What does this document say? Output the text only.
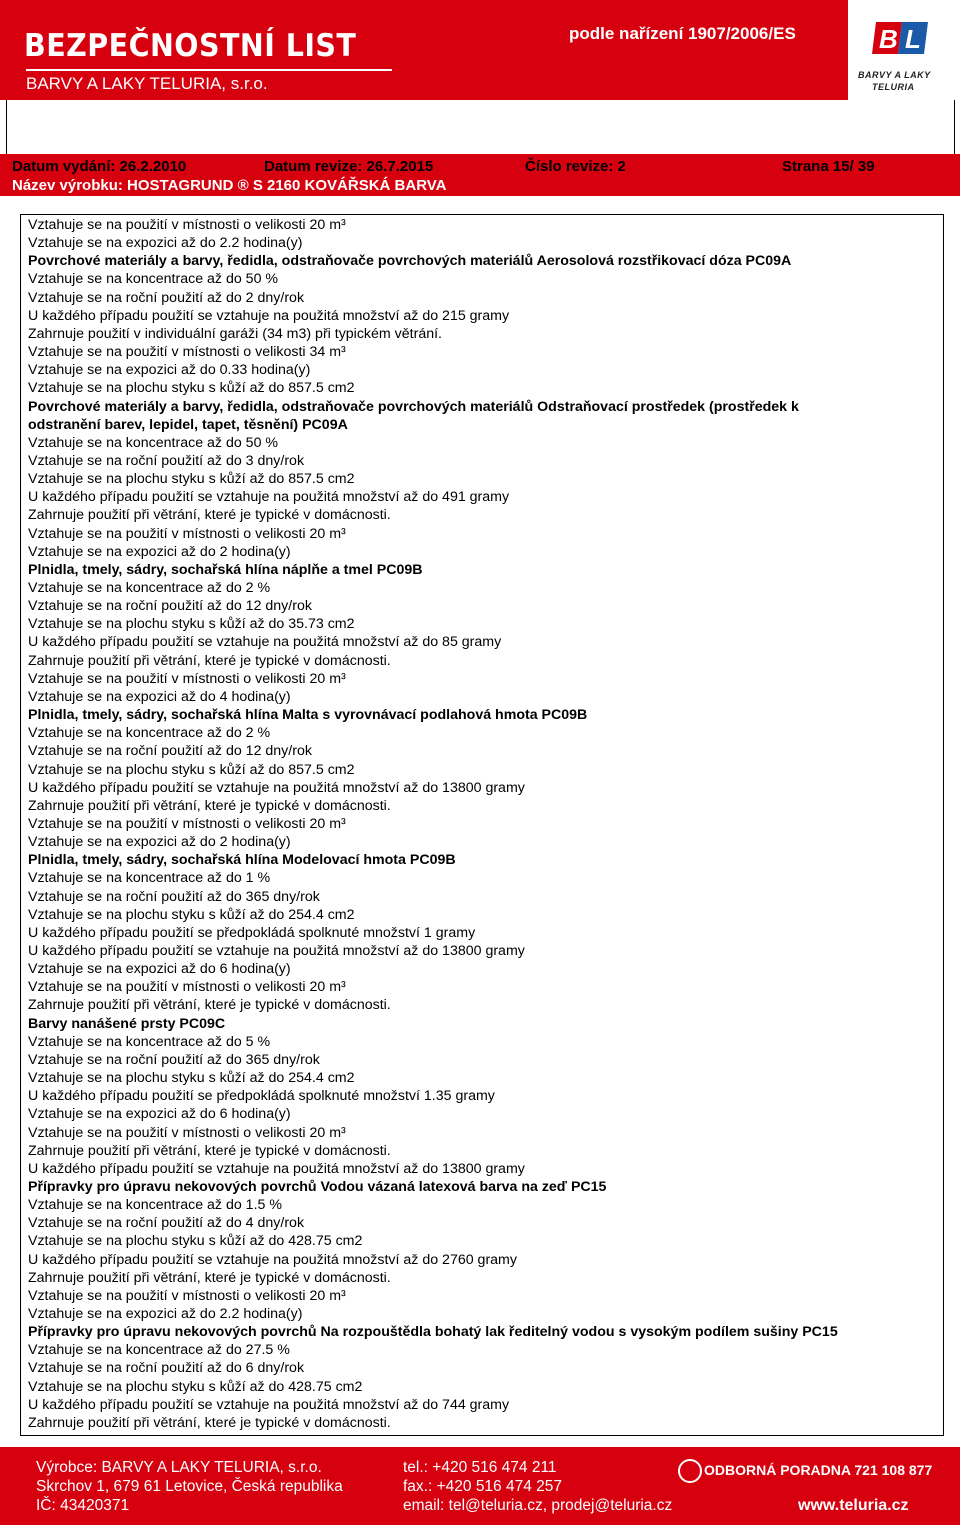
BEZPEČNOSTNÍ LIST
BARVY A LAKY TELURIA, s.r.o.
podle nařízení 1907/2006/ES	B L
BARVY A LAKY
TELURIA
Datum vydání: 26.2.2010	Datum revize: 26.7.2015	Číslo revize: 2	Strana 15/ 39
Název výrobku: HOSTAGRUND ® S 2160 KOVÁŘSKÁ BARVA
Vztahuje se na použití v místnosti o velikosti 20 m³
Vztahuje se na expozici až do 2.2 hodina(y)
Povrchové materiály a barvy, ředidla, odstraňovače povrchových materiálů Aerosolová rozstřikovací dóza PC09A
Vztahuje se na koncentrace až do 50 %
Vztahuje se na roční použití až do 2 dny/rok
U každého případu použití se vztahuje na použitá množství až do 215 gramy
Zahrnuje použití v individuální garáži (34 m3) při typickém větrání.
Vztahuje se na použití v místnosti o velikosti 34 m³
Vztahuje se na expozici až do 0.33 hodina(y)
Vztahuje se na plochu styku s kůží až do 857.5 cm2
Povrchové materiály a barvy, ředidla, odstraňovače povrchových materiálů Odstraňovací prostředek (prostředek k
odstranění barev, lepidel, tapet, těsnění) PC09A
Vztahuje se na koncentrace až do 50 %
Vztahuje se na roční použití až do 3 dny/rok
Vztahuje se na plochu styku s kůží až do 857.5 cm2
U každého případu použití se vztahuje na použitá množství až do 491 gramy
Zahrnuje použití při větrání, které je typické v domácnosti.
Vztahuje se na použití v místnosti o velikosti 20 m³
Vztahuje se na expozici až do 2 hodina(y)
Plnidla, tmely, sádry, sochařská hlína náplňe a tmel PC09B
Vztahuje se na koncentrace až do 2 %
Vztahuje se na roční použití až do 12 dny/rok
Vztahuje se na plochu styku s kůží až do 35.73 cm2
U každého případu použití se vztahuje na použitá množství až do 85 gramy
Zahrnuje použití při větrání, které je typické v domácnosti.
Vztahuje se na použití v místnosti o velikosti 20 m³
Vztahuje se na expozici až do 4 hodina(y)
Plnidla, tmely, sádry, sochařská hlína Malta s vyrovnávací podlahová hmota PC09B
Vztahuje se na koncentrace až do 2 %
Vztahuje se na roční použití až do 12 dny/rok
Vztahuje se na plochu styku s kůží až do 857.5 cm2
U každého případu použití se vztahuje na použitá množství až do 13800 gramy
Zahrnuje použití při větrání, které je typické v domácnosti.
Vztahuje se na použití v místnosti o velikosti 20 m³
Vztahuje se na expozici až do 2 hodina(y)
Plnidla, tmely, sádry, sochařská hlína Modelovací hmota PC09B
Vztahuje se na koncentrace až do 1 %
Vztahuje se na roční použití až do 365 dny/rok
Vztahuje se na plochu styku s kůží až do 254.4 cm2
U každého případu použití se předpokládá spolknuté množství 1 gramy
U každého případu použití se vztahuje na použitá množství až do 13800 gramy
Vztahuje se na expozici až do 6 hodina(y)
Vztahuje se na použití v místnosti o velikosti 20 m³
Zahrnuje použití při větrání, které je typické v domácnosti.
Barvy nanášené prsty PC09C
Vztahuje se na koncentrace až do 5 %
Vztahuje se na roční použití až do 365 dny/rok
Vztahuje se na plochu styku s kůží až do 254.4 cm2
U každého případu použití se předpokládá spolknuté množství 1.35 gramy
Vztahuje se na expozici až do 6 hodina(y)
Vztahuje se na použití v místnosti o velikosti 20 m³
Zahrnuje použití při větrání, které je typické v domácnosti.
U každého případu použití se vztahuje na použitá množství až do 13800 gramy
Přípravky pro úpravu nekovových povrchů Vodou vázaná latexová barva na zeď PC15
Vztahuje se na koncentrace až do 1.5 %
Vztahuje se na roční použití až do 4 dny/rok
Vztahuje se na plochu styku s kůží až do 428.75 cm2
U každého případu použití se vztahuje na použitá množství až do 2760 gramy
Zahrnuje použití při větrání, které je typické v domácnosti.
Vztahuje se na použití v místnosti o velikosti 20 m³
Vztahuje se na expozici až do 2.2 hodina(y)
Přípravky pro úpravu nekovových povrchů Na rozpouštědla bohatý lak ředitelný vodou s vysokým podílem sušiny PC15
Vztahuje se na koncentrace až do 27.5 %
Vztahuje se na roční použití až do 6 dny/rok
Vztahuje se na plochu styku s kůží až do 428.75 cm2
U každého případu použití se vztahuje na použitá množství až do 744 gramy
Zahrnuje použití při větrání, které je typické v domácnosti.
Výrobce: BARVY A LAKY TELURIA, s.r.o.
Skrchov 1, 679 61 Letovice, Česká republika
IČ: 43420371
tel.: +420 516 474 211
fax.: +420 516 474 257
email: tel@teluria.cz, prodej@teluria.cz
ODBORNÁ PORADNA 721 108 877
www.teluria.cz
